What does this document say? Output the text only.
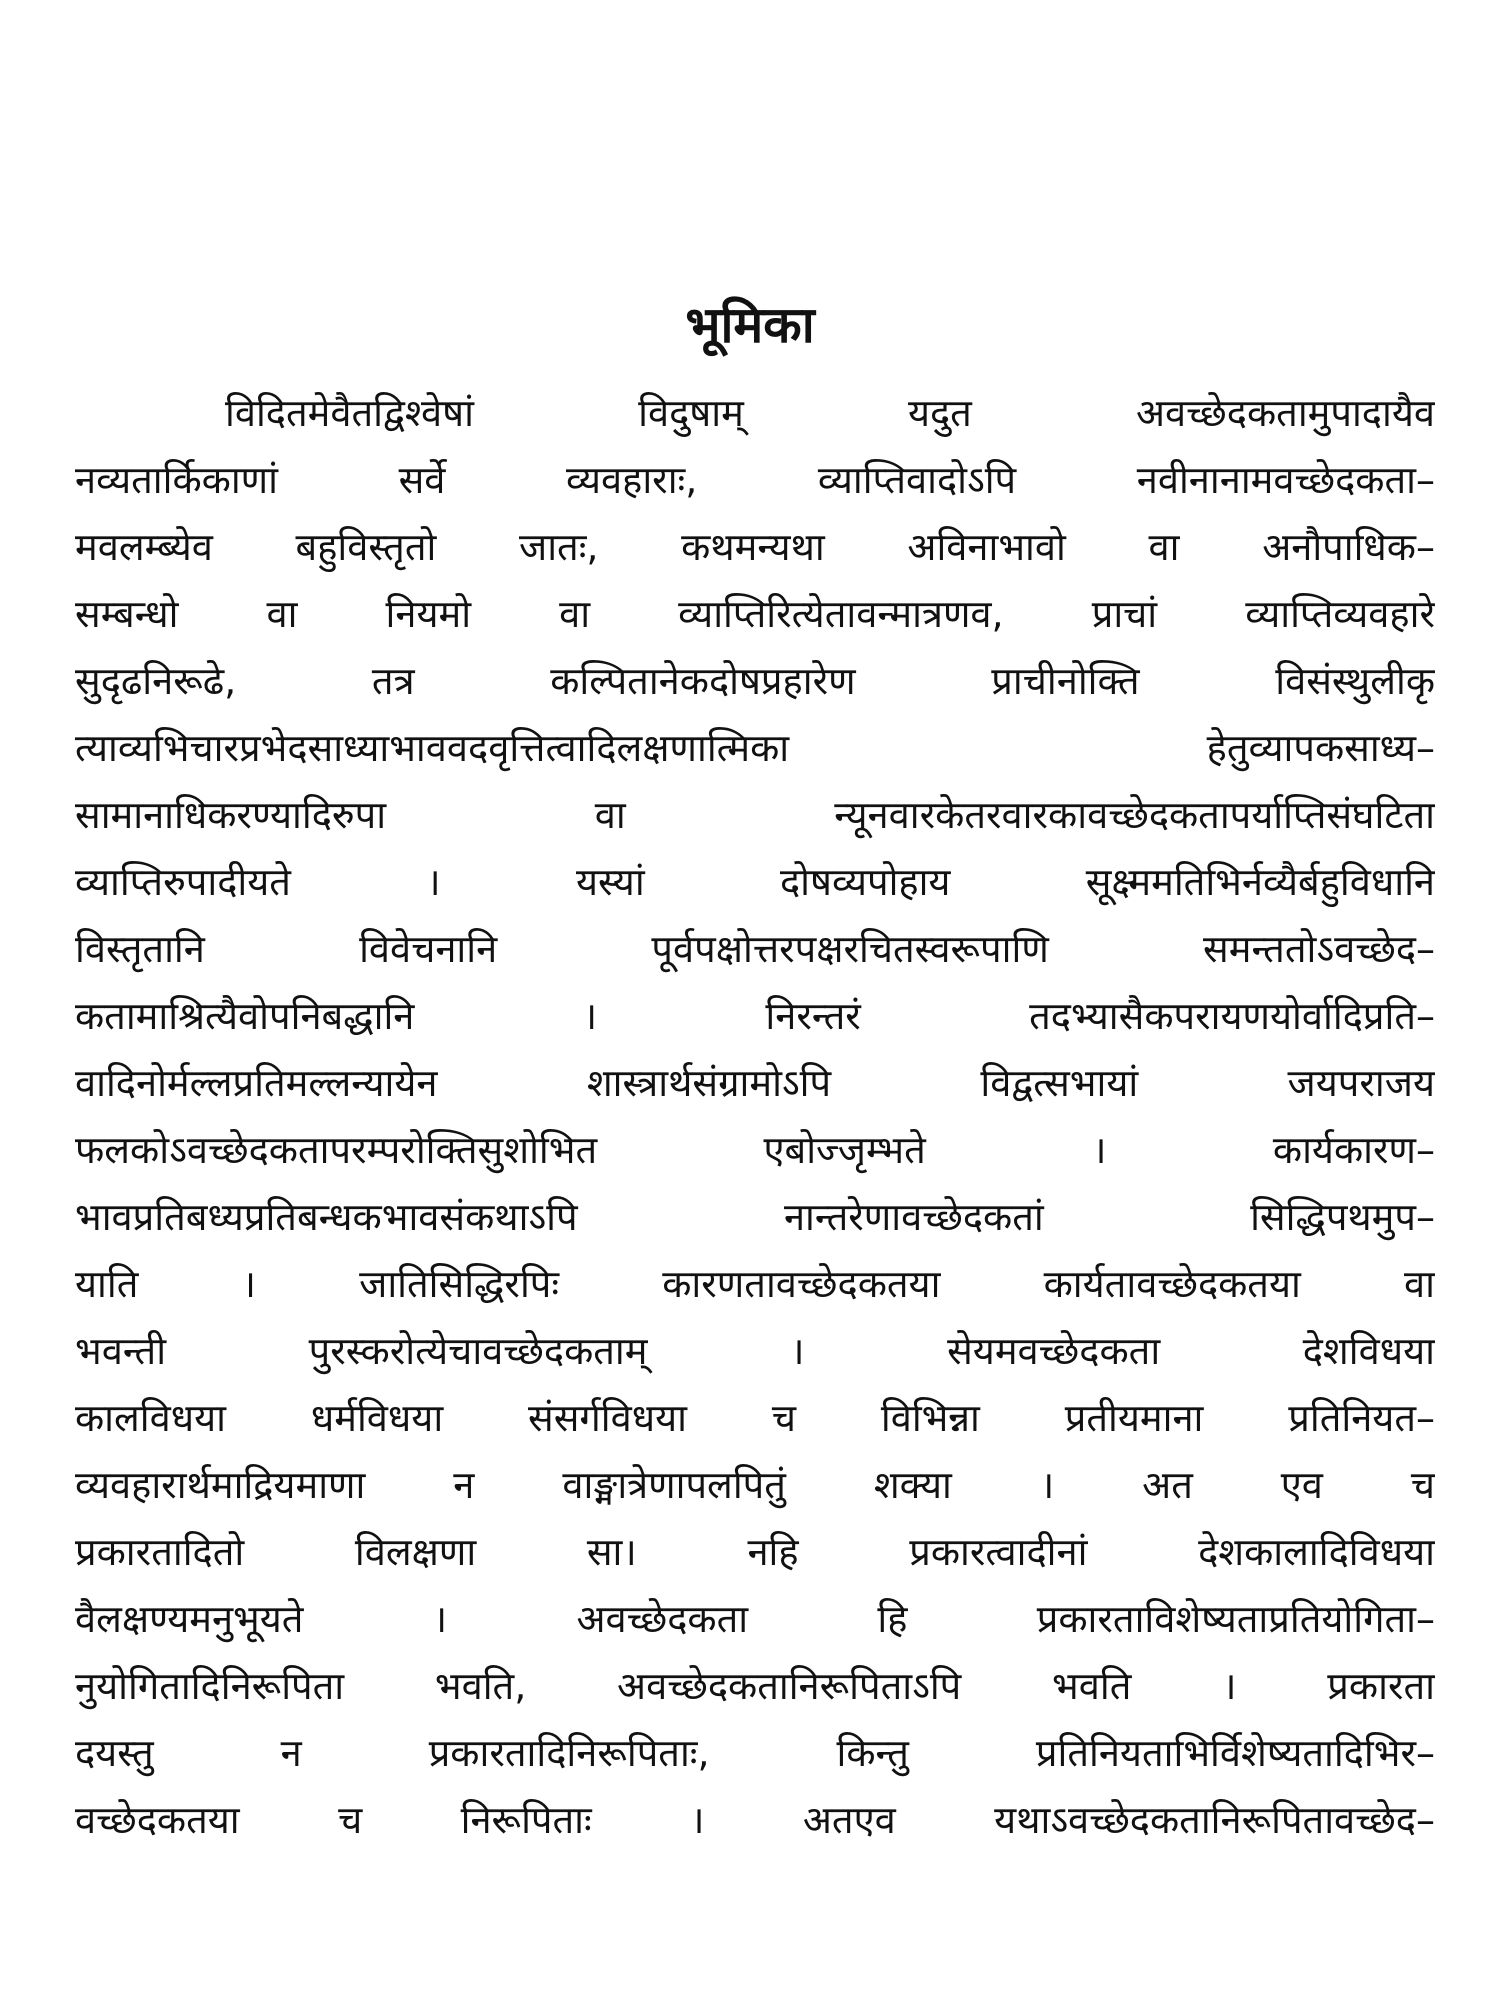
भूमिका
विदितमेवैतद्विश्वेषां विदुषाम् यदुत अवच्छेदकतामुपादायैव
नव्यतार्किकाणां सर्वे व्यवहाराः, व्याप्तिवादोऽपि नवीनानामवच्छेदकता–
मवलम्ब्येव बहुविस्तृतो जातः, कथमन्यथा अविनाभावो वा अनौपाधिक–
सम्बन्धो वा नियमो वा व्याप्तिरित्येतावन्मात्रणव, प्राचां व्याप्तिव्यवहारे
सुदृढनिरूढे, तत्र कल्पितानेकदोषप्रहारेण प्राचीनोक्ति विसंस्थुलीकृ
त्याव्यभिचारप्रभेदसाध्याभाववदवृत्तित्वादिलक्षणात्मिका हेतुव्यापकसाध्य–
सामानाधिकरण्यादिरुपा वा न्यूनवारकेतरवारकावच्छेदकतापर्याप्तिसंघटिता
व्याप्तिरुपादीयते । यस्यां दोषव्यपोहाय सूक्ष्ममतिभिर्नव्यैर्बहुविधानि
विस्तृतानि विवेचनानि पूर्वपक्षोत्तरपक्षरचितस्वरूपाणि समन्ततोऽवच्छेद–
कतामाश्रित्यैवोपनिबद्धानि । निरन्तरं तदभ्यासैकपरायणयोर्वादिप्रति–
वादिनोर्मल्लप्रतिमल्लन्यायेन शास्त्रार्थसंग्रामोऽपि विद्वत्सभायां जयपराजय
फलकोऽवच्छेदकतापरम्परोक्तिसुशोभित एबोज्जृम्भते । कार्यकारण–
भावप्रतिबध्यप्रतिबन्धकभावसंकथाऽपि नान्तरेणावच्छेदकतां सिद्धिपथमुप–
याति । जातिसिद्धिरपिः कारणतावच्छेदकतया कार्यतावच्छेदकतया वा
भवन्ती पुरस्करोत्येचावच्छेदकताम् । सेयमवच्छेदकता देशविधया
कालविधया धर्मविधया संसर्गविधया च विभिन्ना प्रतीयमाना प्रतिनियत–
व्यवहारार्थमाद्रियमाणा न वाङ्मात्रेणापलपितुं शक्या । अत एव च
प्रकारतादितो विलक्षणा सा। नहि प्रकारत्वादीनां देशकालादिविधया
वैलक्षण्यमनुभूयते । अवच्छेदकता हि प्रकारताविशेष्यताप्रतियोगिता–
नुयोगितादिनिरूपिता भवति, अवच्छेदकतानिरूपिताऽपि भवति । प्रकारता
दयस्तु न प्रकारतादिनिरूपिताः, किन्तु प्रतिनियताभिर्विशेष्यतादिभिर–
वच्छेदकतया च निरूपिताः । अतएव यथाऽवच्छेदकतानिरूपितावच्छेद–
